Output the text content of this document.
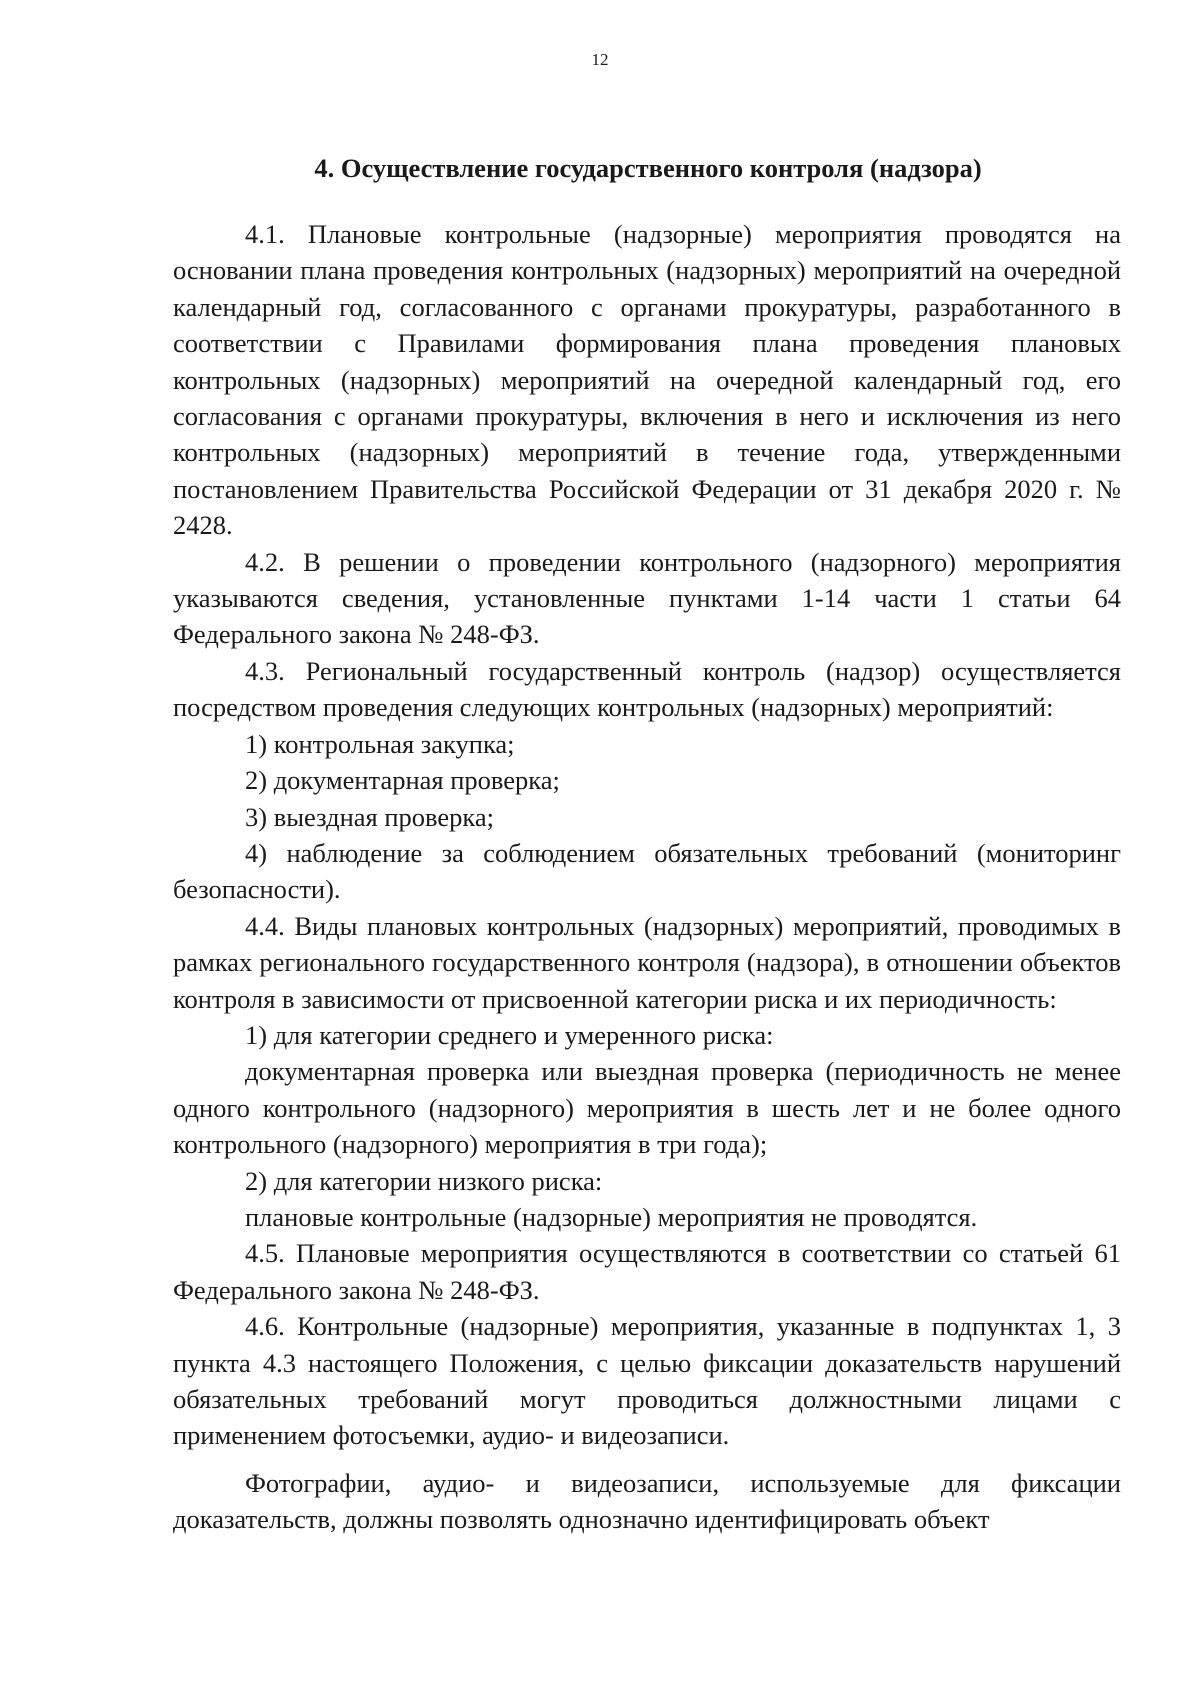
12
4. Осуществление государственного контроля (надзора)

4.1. Плановые контрольные (надзорные) мероприятия проводятся на основании плана проведения контрольных (надзорных) мероприятий на очередной календарный год, согласованного с органами прокуратуры, разработанного в соответствии с Правилами формирования плана проведения плановых контрольных (надзорных) мероприятий на очередной календарный год, его согласования с органами прокуратуры, включения в него и исключения из него контрольных (надзорных) мероприятий в течение года, утвержденными постановлением Правительства Российской Федерации от 31 декабря 2020 г. № 2428.

4.2. В решении о проведении контрольного (надзорного) мероприятия указываются сведения, установленные пунктами 1-14 части 1 статьи 64 Федерального закона № 248-ФЗ.

4.3. Региональный государственный контроль (надзор) осуществляется посредством проведения следующих контрольных (надзорных) мероприятий:

1) контрольная закупка;

2) документарная проверка;

3) выездная проверка;

4) наблюдение за соблюдением обязательных требований (мониторинг безопасности).

4.4. Виды плановых контрольных (надзорных) мероприятий, проводимых в рамках регионального государственного контроля (надзора), в отношении объектов контроля в зависимости от присвоенной категории риска и их периодичность:

1) для категории среднего и умеренного риска:

документарная проверка или выездная проверка (периодичность не менее одного контрольного (надзорного) мероприятия в шесть лет и не более одного контрольного (надзорного) мероприятия в три года);

2) для категории низкого риска:

плановые контрольные (надзорные) мероприятия не проводятся.

4.5. Плановые мероприятия осуществляются в соответствии со статьей 61 Федерального закона № 248-ФЗ.

4.6. Контрольные (надзорные) мероприятия, указанные в подпунктах 1, 3 пункта 4.3 настоящего Положения, с целью фиксации доказательств нарушений обязательных требований могут проводиться должностными лицами с применением фотосъемки, аудио- и видеозаписи.

Фотографии, аудио- и видеозаписи, используемые для фиксации доказательств, должны позволять однозначно идентифицировать объект
